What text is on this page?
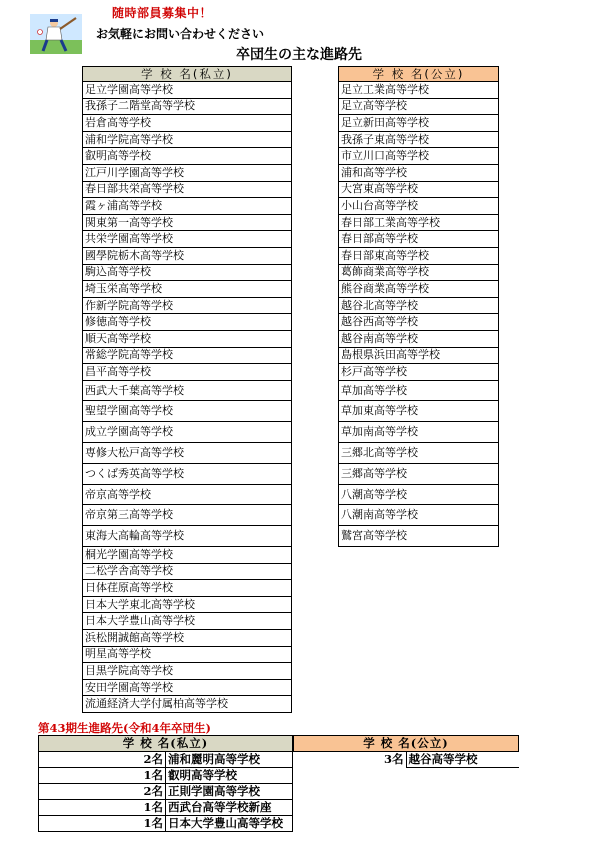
随時部員募集中！
お気軽にお問い合わせください
卒団生の主な進路先
学 校 名(私立)
足立学園高等学校
我孫子二階堂高等学校
岩倉高等学校
浦和学院高等学校
叡明高等学校
江戸川学園高等学校
春日部共栄高等学校
霞ヶ浦高等学校
関東第一高等学校
共栄学園高等学校
國學院栃木高等学校
駒込高等学校
埼玉栄高等学校
作新学院高等学校
修徳高等学校
順天高等学校
常総学院高等学校
昌平高等学校
西武大千葉高等学校
聖望学園高等学校
成立学園高等学校
専修大松戸高等学校
つくば秀英高等学校
帝京高等学校
帝京第三高等学校
東海大高輪高等学校
桐光学園高等学校
二松学舎高等学校
日体荏原高等学校
日本大学東北高等学校
日本大学豊山高等学校
浜松開誠館高等学校
明星高等学校
目黒学院高等学校
安田学園高等学校
流通経済大学付属柏高等学校
学 校 名(公立)
足立工業高等学校
足立高等学校
足立新田高等学校
我孫子東高等学校
市立川口高等学校
浦和高等学校
大宮東高等学校
小山台高等学校
春日部工業高等学校
春日部高等学校
春日部東高等学校
葛飾商業高等学校
熊谷商業高等学校
越谷北高等学校
越谷西高等学校
越谷南高等学校
島根県浜田高等学校
杉戸高等学校
草加高等学校
草加東高等学校
草加南高等学校
三郷北高等学校
三郷高等学校
八潮高等学校
八潮南高等学校
鷲宮高等学校
第43期生進路先(令和4年卒団生)
学 校 名(私立)	
2名	浦和麗明高等学校
1名	叡明高等学校
2名	正則学園高等学校
1名	西武台高等学校新座
1名	日本大学豊山高等学校
学 校 名(公立)
3名	越谷高等学校
